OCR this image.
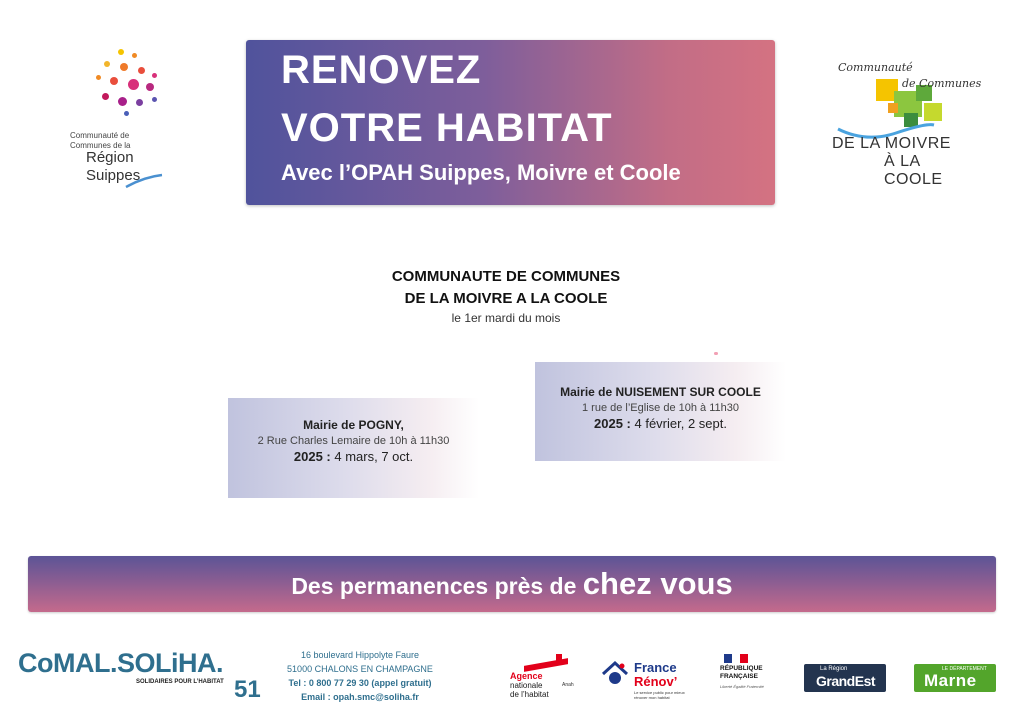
RENOVEZ
VOTRE HABITAT
Avec l’OPAH Suippes, Moivre et Coole
Communauté de
Communes de la
Région
Suippes
Communauté
de Communes
DE LA MOIVRE
À LA COOLE
COMMUNAUTE DE COMMUNES
DE LA MOIVRE A LA COOLE
le 1er mardi du mois
Mairie de POGNY,
2 Rue Charles Lemaire de 10h à 11h30
2025 : 4 mars, 7 oct.
Mairie de NUISEMENT SUR COOLE
1 rue de l’Eglise de 10h à 11h30
2025 : 4 février, 2 sept.
Des permanences près de chez vous
CoMAL.SOLiHA.
SOLIDAIRES POUR L’HABITAT 51
16 boulevard Hippolyte Faure
51000 CHALONS EN CHAMPAGNE
Tel : 0 800 77 29 30 (appel gratuit)
Email : opah.smc@soliha.fr
Agence
nationale
de l’habitat
Anah
France
Rénov’
Le service public pour mieux rénover mon habitat
RÉPUBLIQUE
FRANÇAISE
Liberté Égalité Fraternité
La Région
GrandEst
LE DÉPARTEMENT
Marne
